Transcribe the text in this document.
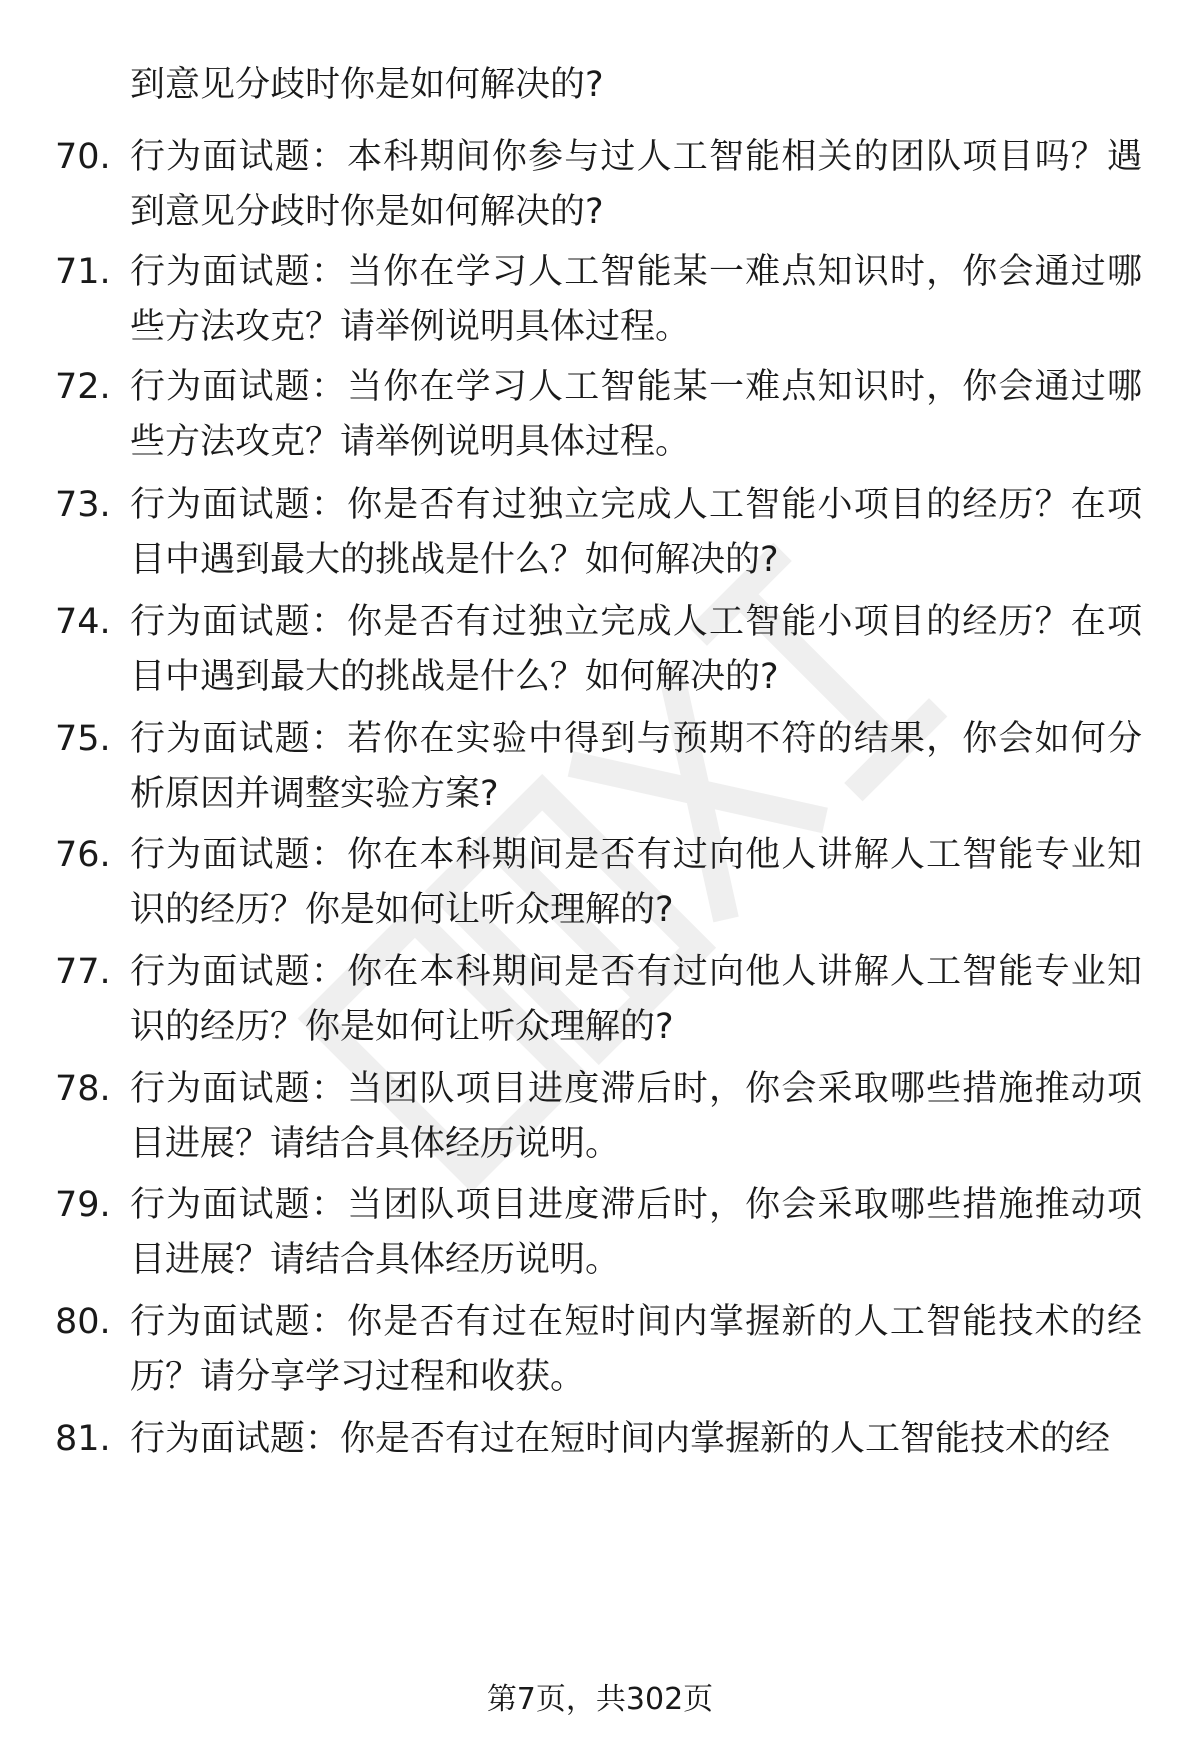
到意见分歧时你是如何解决的?
70. 行为面试题：本科期间你参与过人工智能相关的团队项目吗？遇到意见分歧时你是如何解决的?
71. 行为面试题：当你在学习人工智能某一难点知识时，你会通过哪些方法攻克？请举例说明具体过程。
72. 行为面试题：当你在学习人工智能某一难点知识时，你会通过哪些方法攻克？请举例说明具体过程。
73. 行为面试题：你是否有过独立完成人工智能小项目的经历？在项目中遇到最大的挑战是什么？如何解决的?
74. 行为面试题：你是否有过独立完成人工智能小项目的经历？在项目中遇到最大的挑战是什么？如何解决的?
75. 行为面试题：若你在实验中得到与预期不符的结果，你会如何分析原因并调整实验方案?
76. 行为面试题：你在本科期间是否有过向他人讲解人工智能专业知识的经历？你是如何让听众理解的?
77. 行为面试题：你在本科期间是否有过向他人讲解人工智能专业知识的经历？你是如何让听众理解的?
78. 行为面试题：当团队项目进度滞后时，你会采取哪些措施推动项目进展？请结合具体经历说明。
79. 行为面试题：当团队项目进度滞后时，你会采取哪些措施推动项目进展？请结合具体经历说明。
80. 行为面试题：你是否有过在短时间内掌握新的人工智能技术的经历？请分享学习过程和收获。
81. 行为面试题：你是否有过在短时间内掌握新的人工智能技术的经
第7页，共302页
